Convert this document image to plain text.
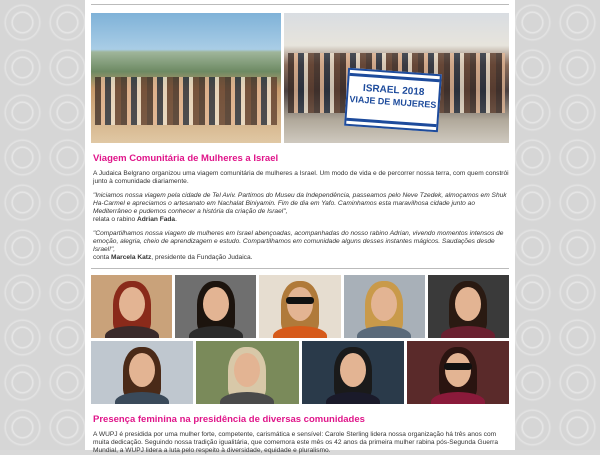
ISRAEL 2018
VIAJE DE MUJERES
Viagem Comunitária de Mulheres a Israel

A Judaica Belgrano organizou uma viagem comunitária de mulheres a Israel. Um modo de vida e de percorrer nossa terra, com quem constrói junto à comunidade diariamente.

"Iniciamos nossa viagem pela cidade de Tel Aviv. Partimos do Museu da Independência, passeamos pelo Neve Tzedek, almoçamos em Shuk Ha-Carmel e apreciamos o artesanato em Nachalat Biniyamin. Fim de dia em Yafo. Caminhamos esta maravilhosa cidade junto ao Mediterrâneo e pudemos conhecer a história da criação de Israel",

relata o rabino Adrian Fada.

"Compartilhamos nossa viagem de mulheres em Israel abençoadas, acompanhadas do nosso rabino Adrian, vivendo momentos intensos de emoção, alegria, cheio de aprendizagem e estudo. Compartilhamos em comunidade alguns desses instantes mágicos. Saudações desde Israel!",

conta Marcela Katz, presidente da Fundação Judaica.

Presença feminina na presidência de diversas comunidades

A WUPJ é presidida por uma mulher forte, competente, carismática e sensível: Carole Sterling lidera nossa organização há três anos com muita dedicação. Seguindo nossa tradição igualitária, que comemora este mês os 42 anos da primeira mulher rabina pós-Segunda Guerra Mundial, a WUPJ lidera a luta pelo respeito à diversidade, equidade e pluralismo.
